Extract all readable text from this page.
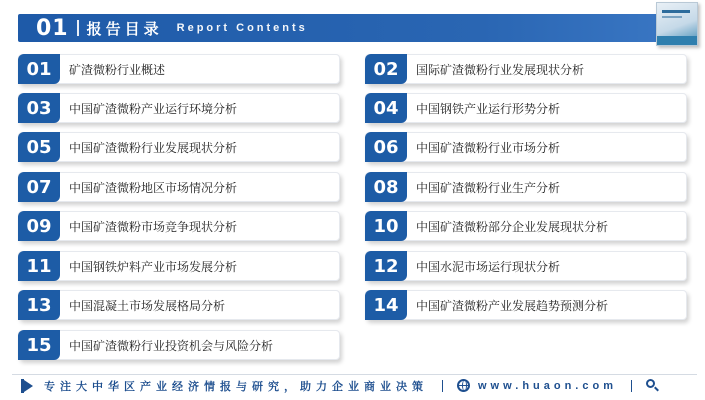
01 报告目录 Report Contents
01	矿渣微粉行业概述	02	国际矿渣微粉行业发展现状分析
03	中国矿渣微粉产业运行环境分析	04	中国钢铁产业运行形势分析
05	中国矿渣微粉行业发展现状分析	06	中国矿渣微粉行业市场分析
07	中国矿渣微粉地区市场情况分析	08	中国矿渣微粉行业生产分析
09	中国矿渣微粉市场竞争现状分析	10	中国矿渣微粉部分企业发展现状分析
11	中国钢铁炉料产业市场发展分析	12	中国水泥市场运行现状分析
13	中国混凝土市场发展格局分析	14	中国矿渣微粉产业发展趋势预测分析
15	中国矿渣微粉行业投资机会与风险分析
专注大中华区产业经济情报与研究，助力企业商业决策	www.huaon.com
